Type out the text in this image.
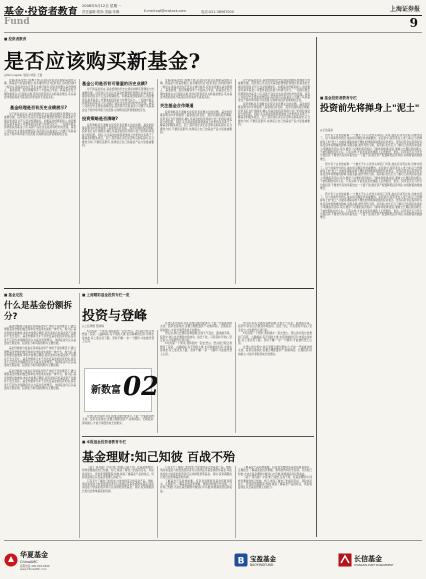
基金·投资者教育
2008年5月12日 星期一
责任编辑:郑尚 美编:朱琳	E-mail:xqf@cnstock.com	电话:021-38967000	上海证券报
Fund	9
■ 投资者教育
是否应该购买新基金?
◎Morningstar 晨星(中国) 王蕾

近期,新基金发行频繁不断,引起投资者对认购新基金的兴趣。新基金与老基金相比,具有哪些特点?投资者应当如何选择?一般而言,新基金因为还没有业绩可参考,投资者需要从基金管理人、基金经理、投资策略等多个方面综合考虑。新基金在发行期内通常以1元面值认购,很多投资者误以为新基金便宜,其实基金净值的高低与基金投资价值并无直接关系。

基金经理是否有历史业绩展示?

对于新基金而言,基金经理的历史业绩是判断其管理能力的重要依据。投资者应该关注该基金经理曾经管理过的基金的长期业绩表现,而不仅仅是短期排名。如果基金经理是新人,则需要更多参考基金公司整体的投资能力和研究实力。一家拥有稳定投研团队的基金公司,其新产品往往也能延续较好的表现。基金公司的历史业绩也值得借鉴,投资者可以查看该公司旗下其他基金在不同市场环境下的表现,以判断其投资管理的稳定性。

基金公司是否有可借鉴的历史业绩?

对于新基金而言,基金经理的历史业绩是判断其管理能力的重要依据。投资者应该关注该基金经理曾经管理过的基金的长期业绩表现,而不仅仅是短期排名。如果基金经理是新人,则需要更多参考基金公司整体的投资能力和研究实力。一家拥有稳定投研团队的基金公司,其新产品往往也能延续较好的表现。基金公司的历史业绩也值得借鉴,投资者可以查看该公司旗下其他基金在不同市场环境下的表现,以判断其投资管理的稳定性。

投资策略是否清晰?

投资策略是否清晰也是投资者需要关注的问题。基金的招募说明书中详细说明了基金的投资目标、投资范围和投资策略,投资者应该仔细阅读,确认该基金的投资风格与自己的风险承受能力相匹配。同时,关注基金的销售渠道和合作机构也有助于了解基金的服务质量。总之,投资者在决定是否购买新基金时,应当理性分析,不要盲目跟风,选择适合自己的基金产品才是最重要的。

近期,新基金发行频繁不断,引起投资者对认购新基金的兴趣。新基金与老基金相比,具有哪些特点?投资者应当如何选择?一般而言,新基金因为还没有业绩可参考,投资者需要从基金管理人、基金经理、投资策略等多个方面综合考虑。新基金在发行期内通常以1元面值认购,很多投资者误以为新基金便宜,其实基金净值的高低与基金投资价值并无直接关系。

关注基金合作渠道

投资策略是否清晰也是投资者需要关注的问题。基金的招募说明书中详细说明了基金的投资目标、投资范围和投资策略,投资者应该仔细阅读,确认该基金的投资风格与自己的风险承受能力相匹配。同时,关注基金的销售渠道和合作机构也有助于了解基金的服务质量。总之,投资者在决定是否购买新基金时,应当理性分析,不要盲目跟风,选择适合自己的基金产品才是最重要的。

对于新基金而言,基金经理的历史业绩是判断其管理能力的重要依据。投资者应该关注该基金经理曾经管理过的基金的长期业绩表现,而不仅仅是短期排名。如果基金经理是新人,则需要更多参考基金公司整体的投资能力和研究实力。一家拥有稳定投研团队的基金公司,其新产品往往也能延续较好的表现。基金公司的历史业绩也值得借鉴,投资者可以查看该公司旗下其他基金在不同市场环境下的表现,以判断其投资管理的稳定性。

投资策略是否清晰也是投资者需要关注的问题。基金的招募说明书中详细说明了基金的投资目标、投资范围和投资策略,投资者应该仔细阅读,确认该基金的投资风格与自己的风险承受能力相匹配。同时,关注基金的销售渠道和合作机构也有助于了解基金的服务质量。总之,投资者在决定是否购买新基金时,应当理性分析,不要盲目跟风,选择适合自己的基金产品才是最重要的。

■ 基金投资者教育专栏
投资前先将掸身上"泥土"
◎长信基金

西方有个古老的故事:一个樵夫不小心把斧头掉到了河里,他在河边哭泣时,河神出现了。这个故事告诉我们,诚实和冷静是非常重要的。在投资中,投资者在入市之前,应当先掸掉身上的"泥土",也就是清除各种不理性的情绪和错误的投资观念。很多投资者在投资时容易受到市场情绪的影响,追涨杀跌,最终导致亏损。投资前,首先应当了解自己的风险承受能力,明确投资目标;其次,要学习必要的投资知识,了解市场规律;最后,要树立长期投资的理念,不被短期波动所左右。只有这样,才能在投资的道路上走得更稳、更远。投资者还应当学会分散投资,不要把所有的鸡蛋放在一个篮子里,通过资产配置降低投资风险,实现财富的稳健增长。

西方有个古老的故事:一个樵夫不小心把斧头掉到了河里,他在河边哭泣时,河神出现了。这个故事告诉我们,诚实和冷静是非常重要的。在投资中,投资者在入市之前,应当先掸掉身上的"泥土",也就是清除各种不理性的情绪和错误的投资观念。很多投资者在投资时容易受到市场情绪的影响,追涨杀跌,最终导致亏损。投资前,首先应当了解自己的风险承受能力,明确投资目标;其次,要学习必要的投资知识,了解市场规律;最后,要树立长期投资的理念,不被短期波动所左右。只有这样,才能在投资的道路上走得更稳、更远。投资者还应当学会分散投资,不要把所有的鸡蛋放在一个篮子里,通过资产配置降低投资风险,实现财富的稳健增长。

西方有个古老的故事:一个樵夫不小心把斧头掉到了河里,他在河边哭泣时,河神出现了。这个故事告诉我们,诚实和冷静是非常重要的。在投资中,投资者在入市之前,应当先掸掉身上的"泥土",也就是清除各种不理性的情绪和错误的投资观念。很多投资者在投资时容易受到市场情绪的影响,追涨杀跌,最终导致亏损。投资前,首先应当了解自己的风险承受能力,明确投资目标;其次,要学习必要的投资知识,了解市场规律;最后,要树立长期投资的理念,不被短期波动所左右。只有这样,才能在投资的道路上走得更稳、更远。投资者还应当学会分散投资,不要把所有的鸡蛋放在一个篮子里,通过资产配置降低投资风险,实现财富的稳健增长。

■ 基金定投
什么是基金份额拆分?

基金份额拆分是指在保持基金资产净值不变的情况下,通过调整基金份额的数量和单位净值来实现的一种方式。拆分后,基金份额总数增加,单位净值相应降低,投资者持有的基金资产总额并不发生变化。基金份额拆分并不会改变基金的投资价值,投资者不应因为净值降低而认为基金变得便宜。选择基金仍应以基金的长期业绩、投资能力和风险控制为主要依据。

基金份额拆分是指在保持基金资产净值不变的情况下,通过调整基金份额的数量和单位净值来实现的一种方式。拆分后,基金份额总数增加,单位净值相应降低,投资者持有的基金资产总额并不发生变化。基金份额拆分并不会改变基金的投资价值,投资者不应因为净值降低而认为基金变得便宜。选择基金仍应以基金的长期业绩、投资能力和风险控制为主要依据。

基金份额拆分是指在保持基金资产净值不变的情况下,通过调整基金份额的数量和单位净值来实现的一种方式。拆分后,基金份额总数增加,单位净值相应降低,投资者持有的基金资产总额并不发生变化。基金份额拆分并不会改变基金的投资价值,投资者不应因为净值降低而认为基金变得便宜。选择基金仍应以基金的长期业绩、投资能力和风险控制为主要依据。

■ 上周精彩基金投资专栏一览
投资与登峰
◎上投摩根 陈晓峰

5月的第一个周末,我和朋友一起去登山。登山的过程让我想到了投资。山路崎岖,有平坦的大道,也有陡峭的石阶;市场也是如此,有上涨也有下跌。坚持不懈,一步一个脚印,才能最终登上山顶。

新数富 02

在登山的过程中,我们需要合理分配体力,不能一开始就冲得太快。投资也是如此,需要合理配置资产,控制风险。长期投资,保持耐心,才能分享经济成长的果实。

在登山的过程中,我们需要合理分配体力,不能一开始就冲得太快。投资也是如此,需要合理配置资产,控制风险。长期投资,保持耐心,才能分享经济成长的果实。

登山时,我们会遇到各种困难,比如天气变化、路途疲劳等。投资中,我们也会遇到市场波动、信息干扰。只有保持平常心,坚定信念,才能最终达到目标。

5月的第一个周末,我和朋友一起去登山。登山的过程让我想到了投资。山路崎岖,有平坦的大道,也有陡峭的石阶;市场也是如此,有上涨也有下跌。坚持不懈,一步一个脚印,才能最终登上山顶。

登山时,我们会遇到各种困难,比如天气变化、路途疲劳等。投资中,我们也会遇到市场波动、信息干扰。只有保持平常心,坚定信念,才能最终达到目标。

5月的第一个周末,我和朋友一起去登山。登山的过程让我想到了投资。山路崎岖,有平坦的大道,也有陡峭的石阶;市场也是如此,有上涨也有下跌。坚持不懈,一步一个脚印,才能最终登上山顶。

在登山的过程中,我们需要合理分配体力,不能一开始就冲得太快。投资也是如此,需要合理配置资产,控制风险。长期投资,保持耐心,才能分享经济成长的果实。

■ 本报基金投资者教育专栏
基金理财:知己知彼 百战不殆

《孙子·谋攻篇》中说:知己知彼,百战不殆。在基金理财中,同样需要做到知己知彼。知己,就是了解自己的投资目标、风险承受能力、资金使用期限等;知彼,就是了解基金产品的特点、风险收益特征以及基金管理人的能力。

只有充分了解自己的需求,才能选择适合的基金产品。例如,风险承受能力较低的投资者可以选择货币基金或债券基金;风险承受能力较高的投资者可以选择股票型基金。同时,投资期限的长短也会影响基金的选择。

只有充分了解自己的需求,才能选择适合的基金产品。例如,风险承受能力较低的投资者可以选择货币基金或债券基金;风险承受能力较高的投资者可以选择股票型基金。同时,投资期限的长短也会影响基金的选择。

了解基金产品同样重要。投资者需要阅读基金招募说明书、定期报告,了解基金的投资策略、费率结构和历史业绩。只有知己知彼,才能在基金理财中做到心中有数,取得满意的投资收益。

了解基金产品同样重要。投资者需要阅读基金招募说明书、定期报告,了解基金的投资策略、费率结构和历史业绩。只有知己知彼,才能在基金理财中做到心中有数,取得满意的投资收益。

《孙子·谋攻篇》中说:知己知彼,百战不殆。在基金理财中,同样需要做到知己知彼。知己,就是了解自己的投资目标、风险承受能力、资金使用期限等;知彼,就是了解基金产品的特点、风险收益特征以及基金管理人的能力。

华夏基金
ChinaAMC
客服电话:400-818-6666
www.ChinaAMC.com
B 宝盈基金
BAOYINGFUND
长信基金
CHANGXIN ASSET MANAGEMENT
